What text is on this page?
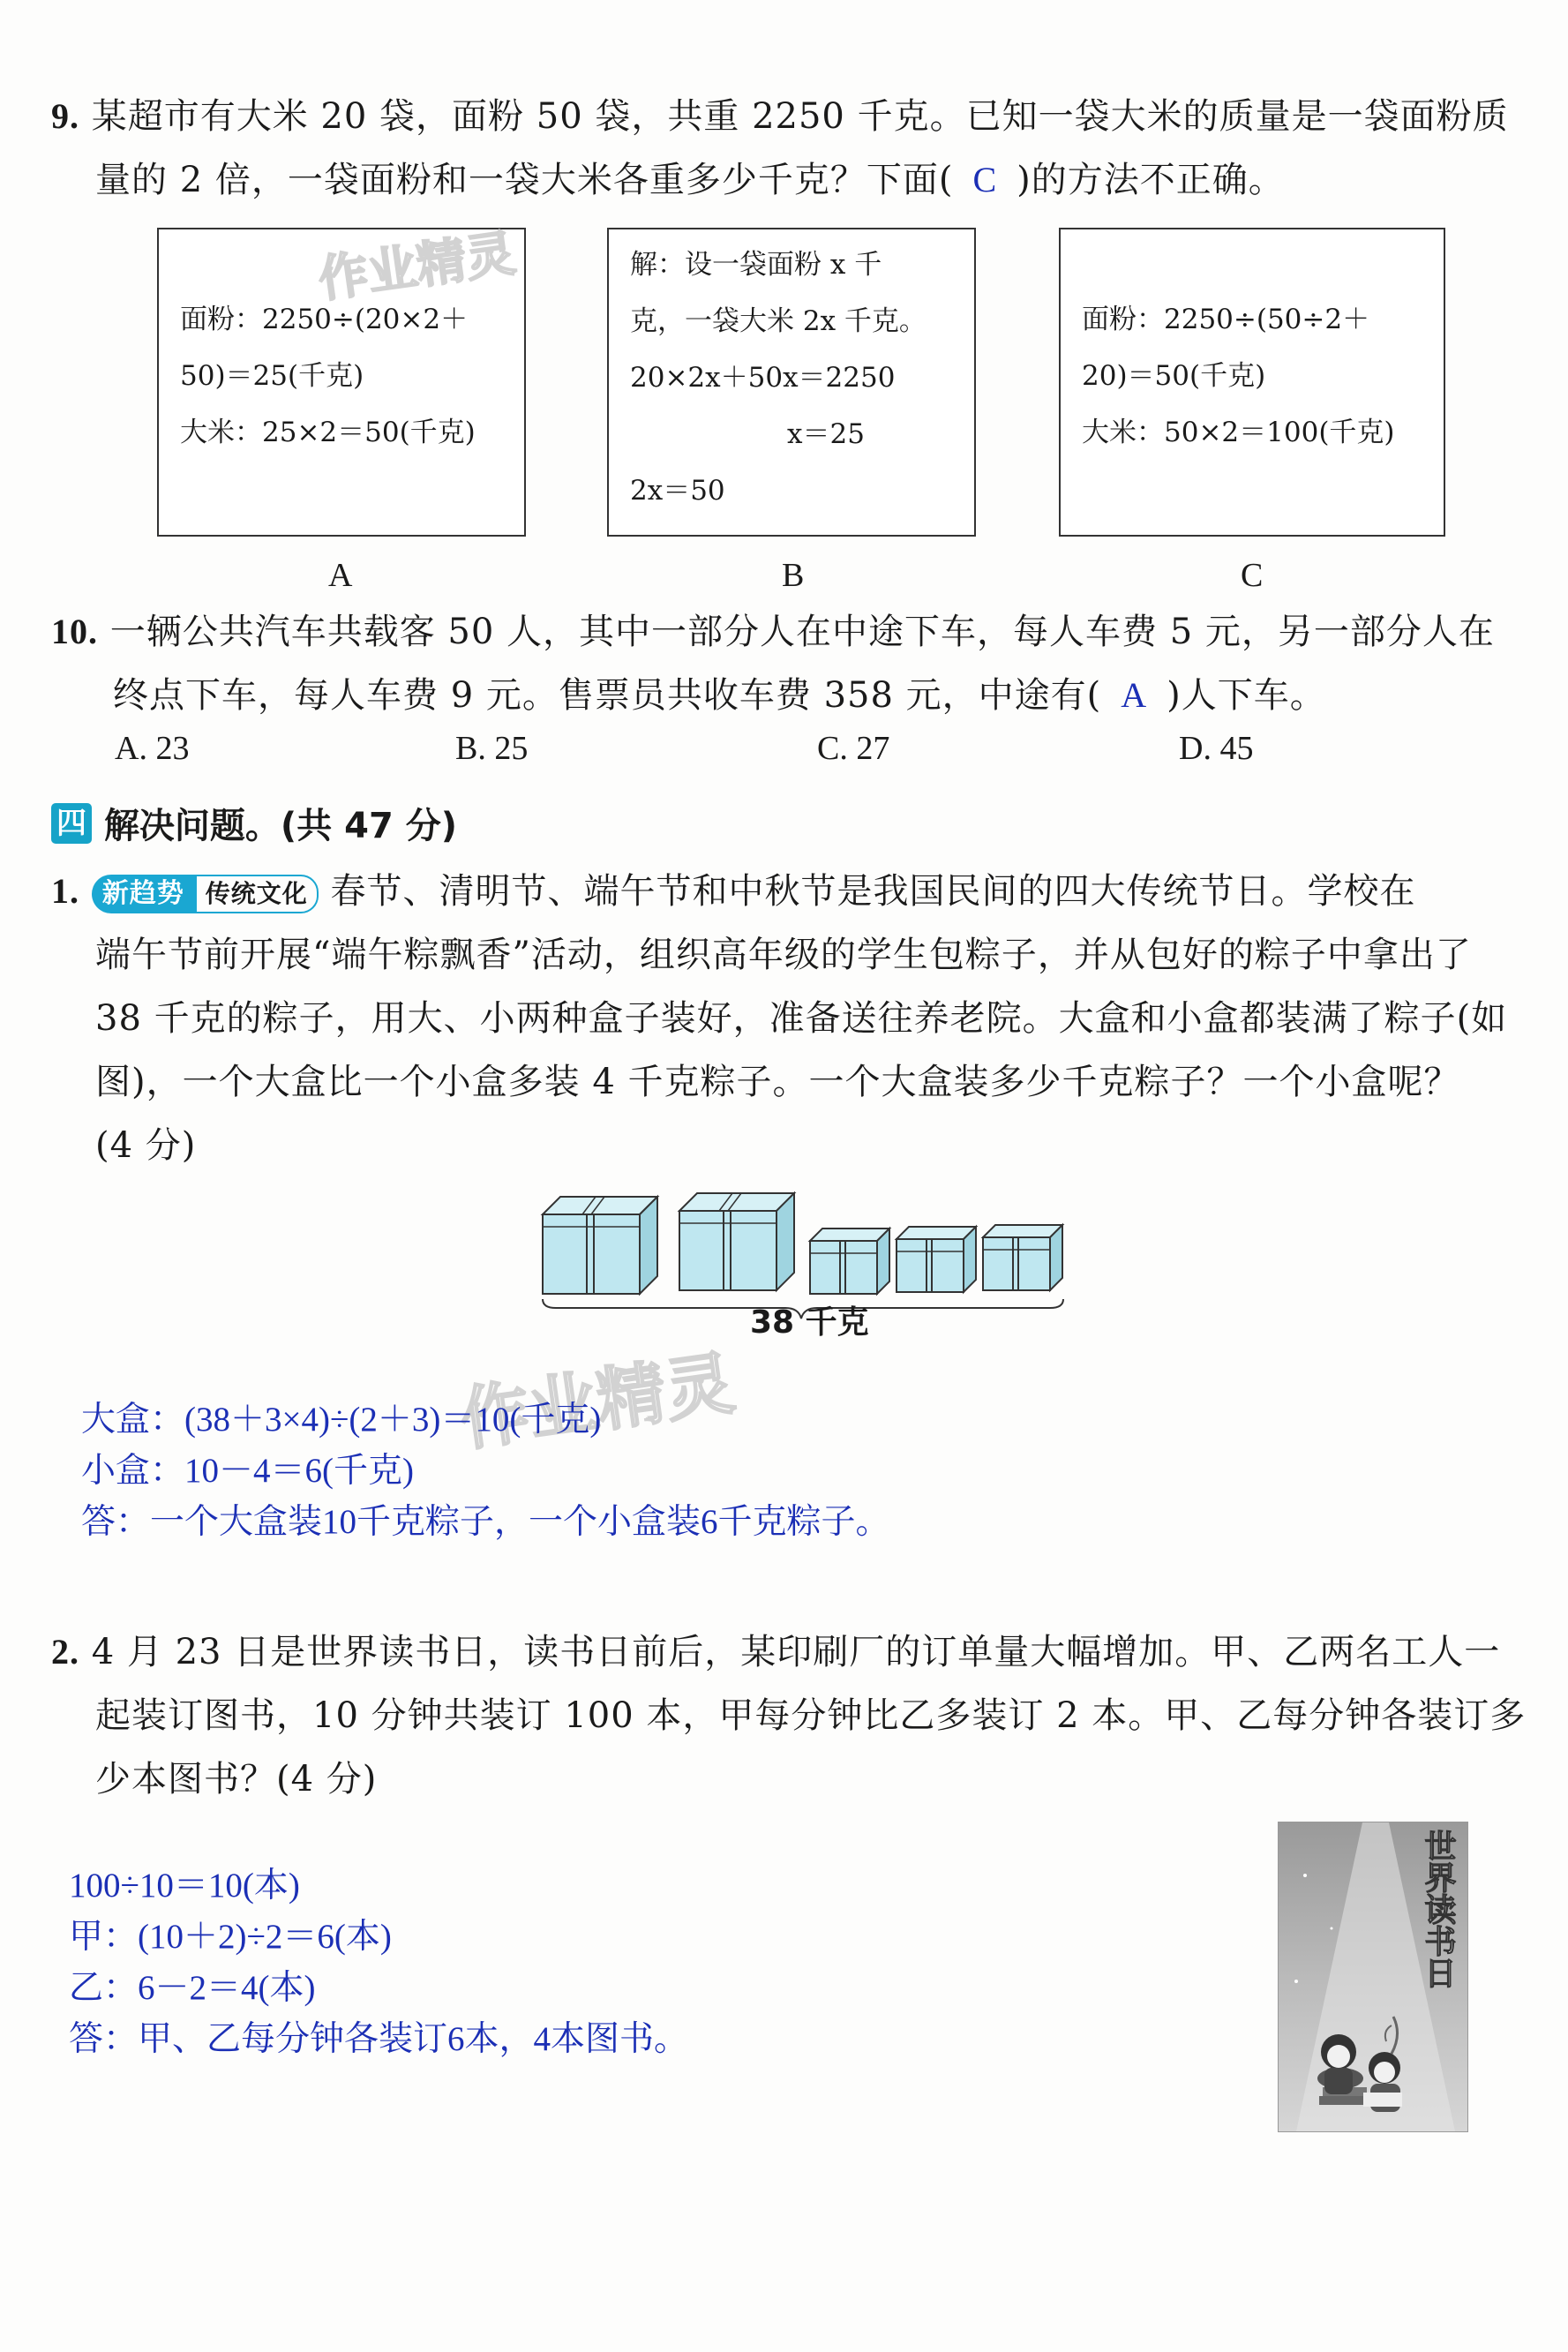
9. 某超市有大米 20 袋，面粉 50 袋，共重 2250 千克。已知一袋大米的质量是一袋面粉质
量的 2 倍，一袋面粉和一袋大米各重多少千克？下面( C )的方法不正确。
面粉：2250÷(20×2＋
50)＝25(千克)
大米：25×2＝50(千克)
作业精灵	解：设一袋面粉 x 千
克，一袋大米 2x 千克。
20×2x＋50x＝2250
x＝25
2x＝50
面粉：2250÷(50÷2＋
20)＝50(千克)
大米：50×2＝100(千克)
A	B	C
10. 一辆公共汽车共载客 50 人，其中一部分人在中途下车，每人车费 5 元，另一部分人在
终点下车，每人车费 9 元。售票员共收车费 358 元，中途有( A )人下车。
A. 23	B. 25	C. 27	D. 45
四 解决问题。(共 47 分)
1. 新趋势 传统文化 春节、清明节、端午节和中秋节是我国民间的四大传统节日。学校在
端午节前开展“端午粽飘香”活动，组织高年级的学生包粽子，并从包好的粽子中拿出了
38 千克的粽子，用大、小两种盒子装好，准备送往养老院。大盒和小盒都装满了粽子(如
图)，一个大盒比一个小盒多装 4 千克粽子。一个大盒装多少千克粽子？一个小盒呢？
(4 分)
38 千克
作业精灵
大盒：(38＋3×4)÷(2＋3)＝10(千克)
小盒：10－4＝6(千克)
答：一个大盒装10千克粽子，一个小盒装6千克粽子。
2. 4 月 23 日是世界读书日，读书日前后，某印刷厂的订单量大幅增加。甲、乙两名工人一
起装订图书，10 分钟共装订 100 本，甲每分钟比乙多装订 2 本。甲、乙每分钟各装订多
少本图书？(4 分)
100÷10＝10(本)
甲：(10＋2)÷2＝6(本)
乙：6－2＝4(本)
答：甲、乙每分钟各装订6本，4本图书。
世界读书日
